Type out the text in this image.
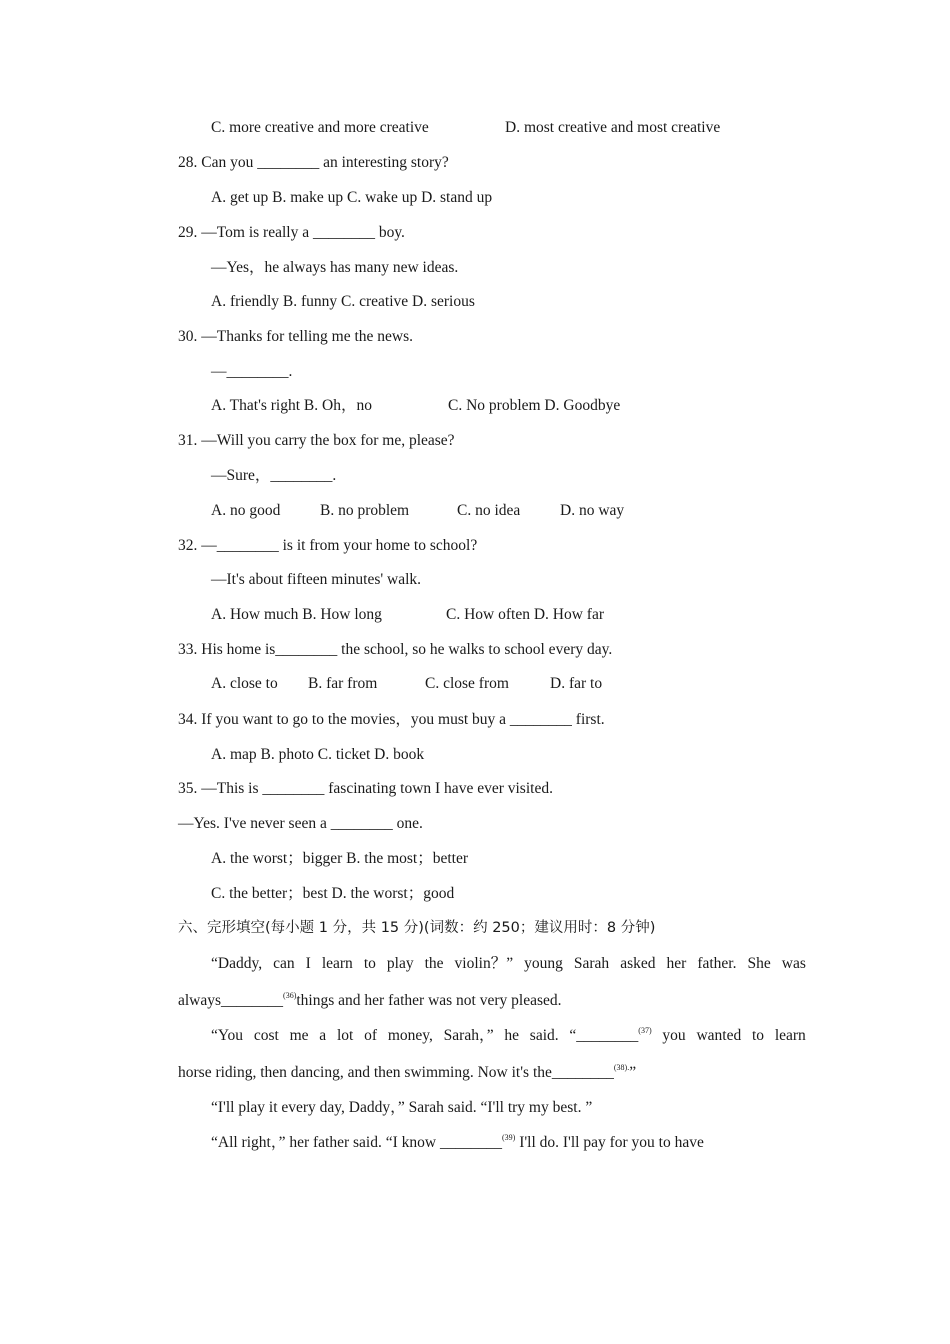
C. more creative and more creative	D. most creative and most creative
28. Can you ________ an interesting story?
A. get up B. make up C. wake up D. stand up
29. —Tom is really a ________ boy.
—Yes，he always has many new ideas.
A. friendly B. funny C. creative D. serious
30. —Thanks for telling me the news.
—________.
A. That's right B. Oh，no	C. No problem D. Goodbye
31. —Will you carry the box for me, please?
—Sure，________.
A. no good	B. no problem	C. no idea	D. no way
32. —________ is it from your home to school?
—It's about fifteen minutes' walk.
A. How much B. How long	C. How often D. How far
33. His home is________ the school, so he walks to school every day.
A. close to B. far from	C. close from	D. far to
34. If you want to go to the movies，you must buy a ________ first.
A. map B. photo C. ticket D. book
35. —This is ________ fascinating town I have ever visited.
—Yes. I've never seen a ________ one.
A. the worst；bigger B. the most；better
C. the better；best D. the worst；good
六、完形填空(每小题 1 分，共 15 分)(词数：约 250；建议用时：8 分钟)
“Daddy, can I learn to play the violin？” young Sarah asked her father. She was
always________$^{(36)}$things and her father was not very pleased.
“You cost me a lot of money, Sarah，” he said. “________$^{(37)}$ you wanted to learn
horse riding, then dancing, and then swimming. Now it's the________$^{(38).}$”
“I'll play it every day, Daddy，” Sarah said. “I'll try my best. ”
“All right，” her father said. “I know ________$^{(39)}$ I'll do. I'll pay for you to have
